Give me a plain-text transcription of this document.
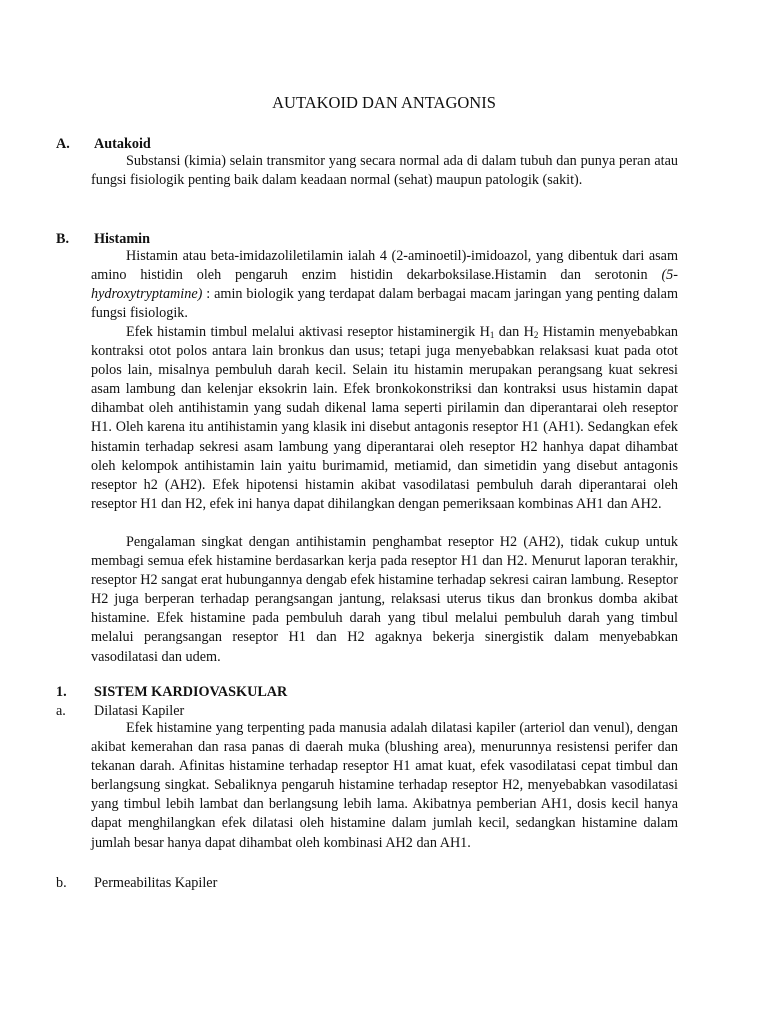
AUTAKOID DAN ANTAGONIS
A. Autakoid
Substansi (kimia) selain transmitor yang secara normal ada di dalam tubuh dan punya peran atau fungsi fisiologik penting baik dalam keadaan normal (sehat) maupun patologik (sakit).
B. Histamin
Histamin atau beta-imidazoliletilamin ialah 4 (2-aminoetil)-imidoazol, yang dibentuk dari asam amino histidin oleh pengaruh enzim histidin dekarboksilase.Histamin dan serotonin (5-hydroxytryptamine) : amin biologik yang terdapat dalam berbagai macam jaringan yang penting dalam fungsi fisiologik.
Efek histamin timbul melalui aktivasi reseptor histaminergik $H_1$ dan $H_2$ Histamin menyebabkan kontraksi otot polos antara lain bronkus dan usus; tetapi juga menyebabkan relaksasi kuat pada otot polos lain, misalnya pembuluh darah kecil. Selain itu histamin merupakan perangsang kuat sekresi asam lambung dan kelenjar eksokrin lain. Efek bronkokonstriksi dan kontraksi usus histamin dapat dihambat oleh antihistamin yang sudah dikenal lama seperti pirilamin dan diperantarai oleh reseptor H1. Oleh karena itu antihistamin yang klasik ini disebut antagonis reseptor H1 (AH1). Sedangkan efek histamin terhadap sekresi asam lambung yang diperantarai oleh reseptor H2 hanhya dapat dihambat oleh kelompok antihistamin lain yaitu burimamid, metiamid, dan simetidin yang disebut antagonis reseptor h2 (AH2). Efek hipotensi histamin akibat vasodilatasi pembuluh darah diperantarai oleh reseptor H1 dan H2, efek ini hanya dapat dihilangkan dengan pemeriksaan kombinas AH1 dan AH2.
Pengalaman singkat dengan antihistamin penghambat reseptor H2 (AH2), tidak cukup untuk membagi semua efek histamine berdasarkan kerja pada reseptor H1 dan H2. Menurut laporan terakhir, reseptor H2 sangat erat hubungannya dengab efek histamine terhadap sekresi cairan lambung. Reseptor H2 juga berperan terhadap perangsangan jantung, relaksasi uterus tikus dan bronkus domba akibat histamine. Efek histamine pada pembuluh darah yang tibul melalui pembuluh darah yang timbul melalui perangsangan reseptor H1 dan H2 agaknya bekerja sinergistik dalam menyebabkan vasodilatasi dan udem.
1. SISTEM KARDIOVASKULAR
a. Dilatasi Kapiler
Efek histamine yang terpenting pada manusia adalah dilatasi kapiler (arteriol dan venul), dengan akibat kemerahan dan rasa panas di daerah muka (blushing area), menurunnya resistensi perifer dan tekanan darah. Afinitas histamine terhadap reseptor H1 amat kuat, efek vasodilatasi cepat timbul dan berlangsung singkat. Sebaliknya pengaruh histamine terhadap reseptor H2, menyebabkan vasodilatasi yang timbul lebih lambat dan berlangsung lebih lama. Akibatnya pemberian AH1, dosis kecil hanya dapat menghilangkan efek dilatasi oleh histamine dalam jumlah kecil, sedangkan histamine dalam jumlah besar hanya dapat dihambat oleh kombinasi AH2 dan AH1.
b. Permeabilitas Kapiler
